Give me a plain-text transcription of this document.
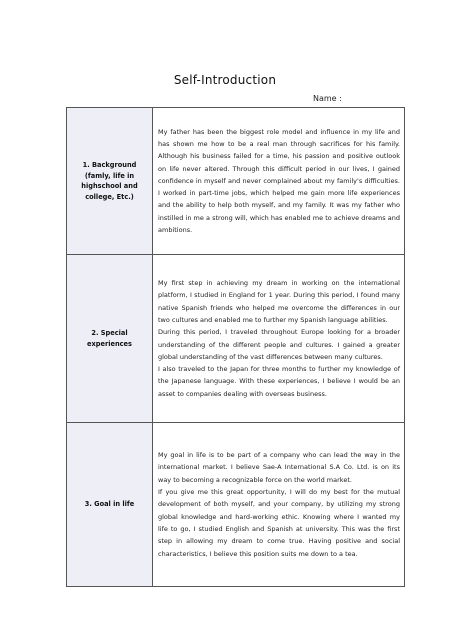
Self-Introduction
Name :
1. Background (famly, life in highschool and college, Etc.)	My father has been the biggest role model and influence in my life and has shown me how to be a real man through sacrifices for his family. Although his business failed for a time, his passion and positive outlook on life never altered. Through this difficult period in our lives, I gained confidence in myself and never complained about my family's difficulties. I worked in part-time jobs, which helped me gain more life experiences and the ability to help both myself, and my family. It was my father who instilled in me a strong will, which has enabled me to achieve dreams and ambitions.

2. Special experiences	My first step in achieving my dream in working on the international platform, I studied in England for 1 year. During this period, I found many native Spanish friends who helped me overcome the differences in our two cultures and enabled me to further my Spanish language abilities.

During this period, I traveled throughout Europe looking for a broader understanding of the different people and cultures. I gained a greater global understanding of the vast differences between many cultures.

I also traveled to the Japan for three months to further my knowledge of the Japanese language. With these experiences, I believe I would be an asset to companies dealing with overseas business.

3. Goal in life	My goal in life is to be part of a company who can lead the way in the international market. I believe Sae-A International S.A Co. Ltd. is on its way to becoming a recognizable force on the world market.

If you give me this great opportunity, I will do my best for the mutual development of both myself, and your company, by utilizing my strong global knowledge and hard-working ethic. Knowing where I wanted my life to go, I studied English and Spanish at university. This was the first step in allowing my dream to come true. Having positive and social characteristics, I believe this position suits me down to a tea.
